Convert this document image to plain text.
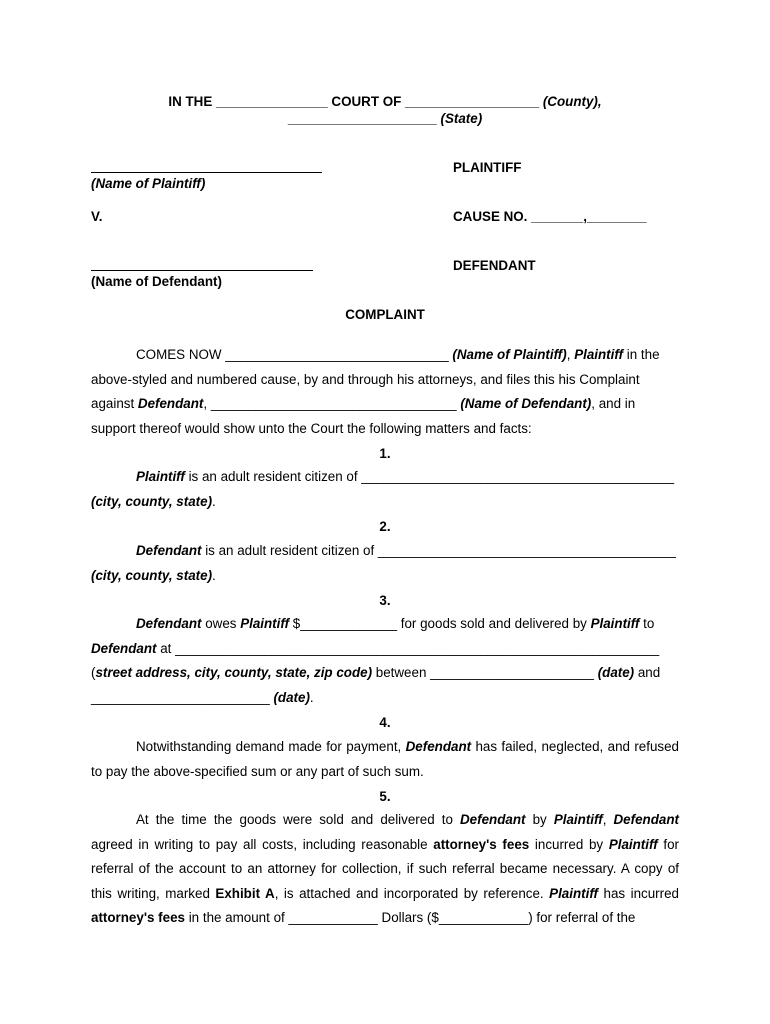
IN THE _______________ COURT OF __________________ (County),
____________________ (State)
PLAINTIFF
(Name of Plaintiff)
V.	CAUSE NO. _______,________
DEFENDANT
(Name of Defendant)
COMPLAINT
COMES NOW ______________________________ (Name of Plaintiff), Plaintiff in the above-styled and numbered cause, by and through his attorneys, and files this his Complaint against Defendant, _________________________________ (Name of Defendant), and in support thereof would show unto the Court the following matters and facts:
1.
Plaintiff is an adult resident citizen of __________________________________________ (city, county, state).
2.
Defendant is an adult resident citizen of ________________________________________ (city, county, state).
3.
Defendant owes Plaintiff $_____________ for goods sold and delivered by Plaintiff to Defendant at _________________________________________________________________ (street address, city, county, state, zip code) between ______________________ (date) and ________________________ (date).
4.
Notwithstanding demand made for payment, Defendant has failed, neglected, and refused to pay the above-specified sum or any part of such sum.
5.
At the time the goods were sold and delivered to Defendant by Plaintiff, Defendant agreed in writing to pay all costs, including reasonable attorney's fees incurred by Plaintiff for referral of the account to an attorney for collection, if such referral became necessary. A copy of this writing, marked Exhibit A, is attached and incorporated by reference. Plaintiff has incurred attorney's fees in the amount of ____________ Dollars ($____________) for referral of the
